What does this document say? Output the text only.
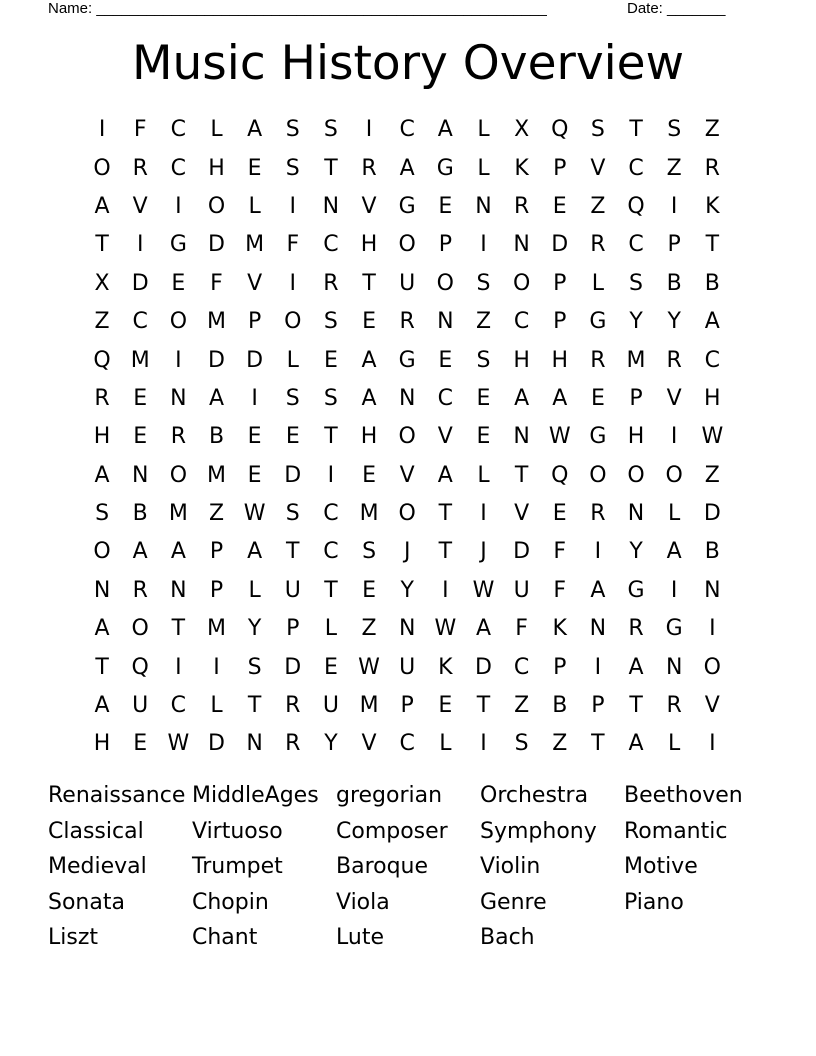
Name: ______________________________________________________	Date: _______
Music History Overview
I	F	C	L	A	S	S	I	C	A	L	X Q	S	T	S	Z
O R	C	H	E	S	T	R	A	G	L	K	P	V	C	Z	R
A	V	I	O	L	I	N	V	G	E	N	R	E	Z Q	I	K
T	I	G D M	F	C	H O	P	I	N D	R	C	P	T
X	D	E	F	V	I	R	T	U O	S	O	P	L	S	B	B
Z	C O M	P	O	S	E	R	N	Z	C	P	G	Y	Y	A
Q M	I	D D	L	E	A	G	E	S	H H	R M R	C
R	E	N	A	I	S	S	A	N	C	E	A	A	E	P	V	H
H	E	R	B	E	E	T	H O V	E	N W G H	I	W
A	N O M E	D	I	E	V	A	L	T	Q O O O Z
S	B M Z W S	C M O	T	I	V	E	R	N	L	D
O A	A	P	A	T	C	S	J	T	J	D	F	I	Y	A	B
N	R	N	P	L	U	T	E	Y	I	W U	F	A	G	I	N
A O	T M Y	P	L	Z	N W A	F	K	N	R G	I
T	Q	I	I	S	D	E W U	K	D C	P	I	A	N O
A	U	C	L	T	R	U M	P	E	T	Z	B	P	T	R	V
H	E W D N	R	Y	V	C	L	I	S	Z	T	A	L	I
Renaissance MiddleAges gregorian	Orchestra	Beethoven
Classical	Virtuoso	Composer	Symphony	Romantic
Medieval	Trumpet	Baroque	Violin	Motive
Sonata	Chopin	Viola	Genre	Piano
Liszt	Chant	Lute	Bach
